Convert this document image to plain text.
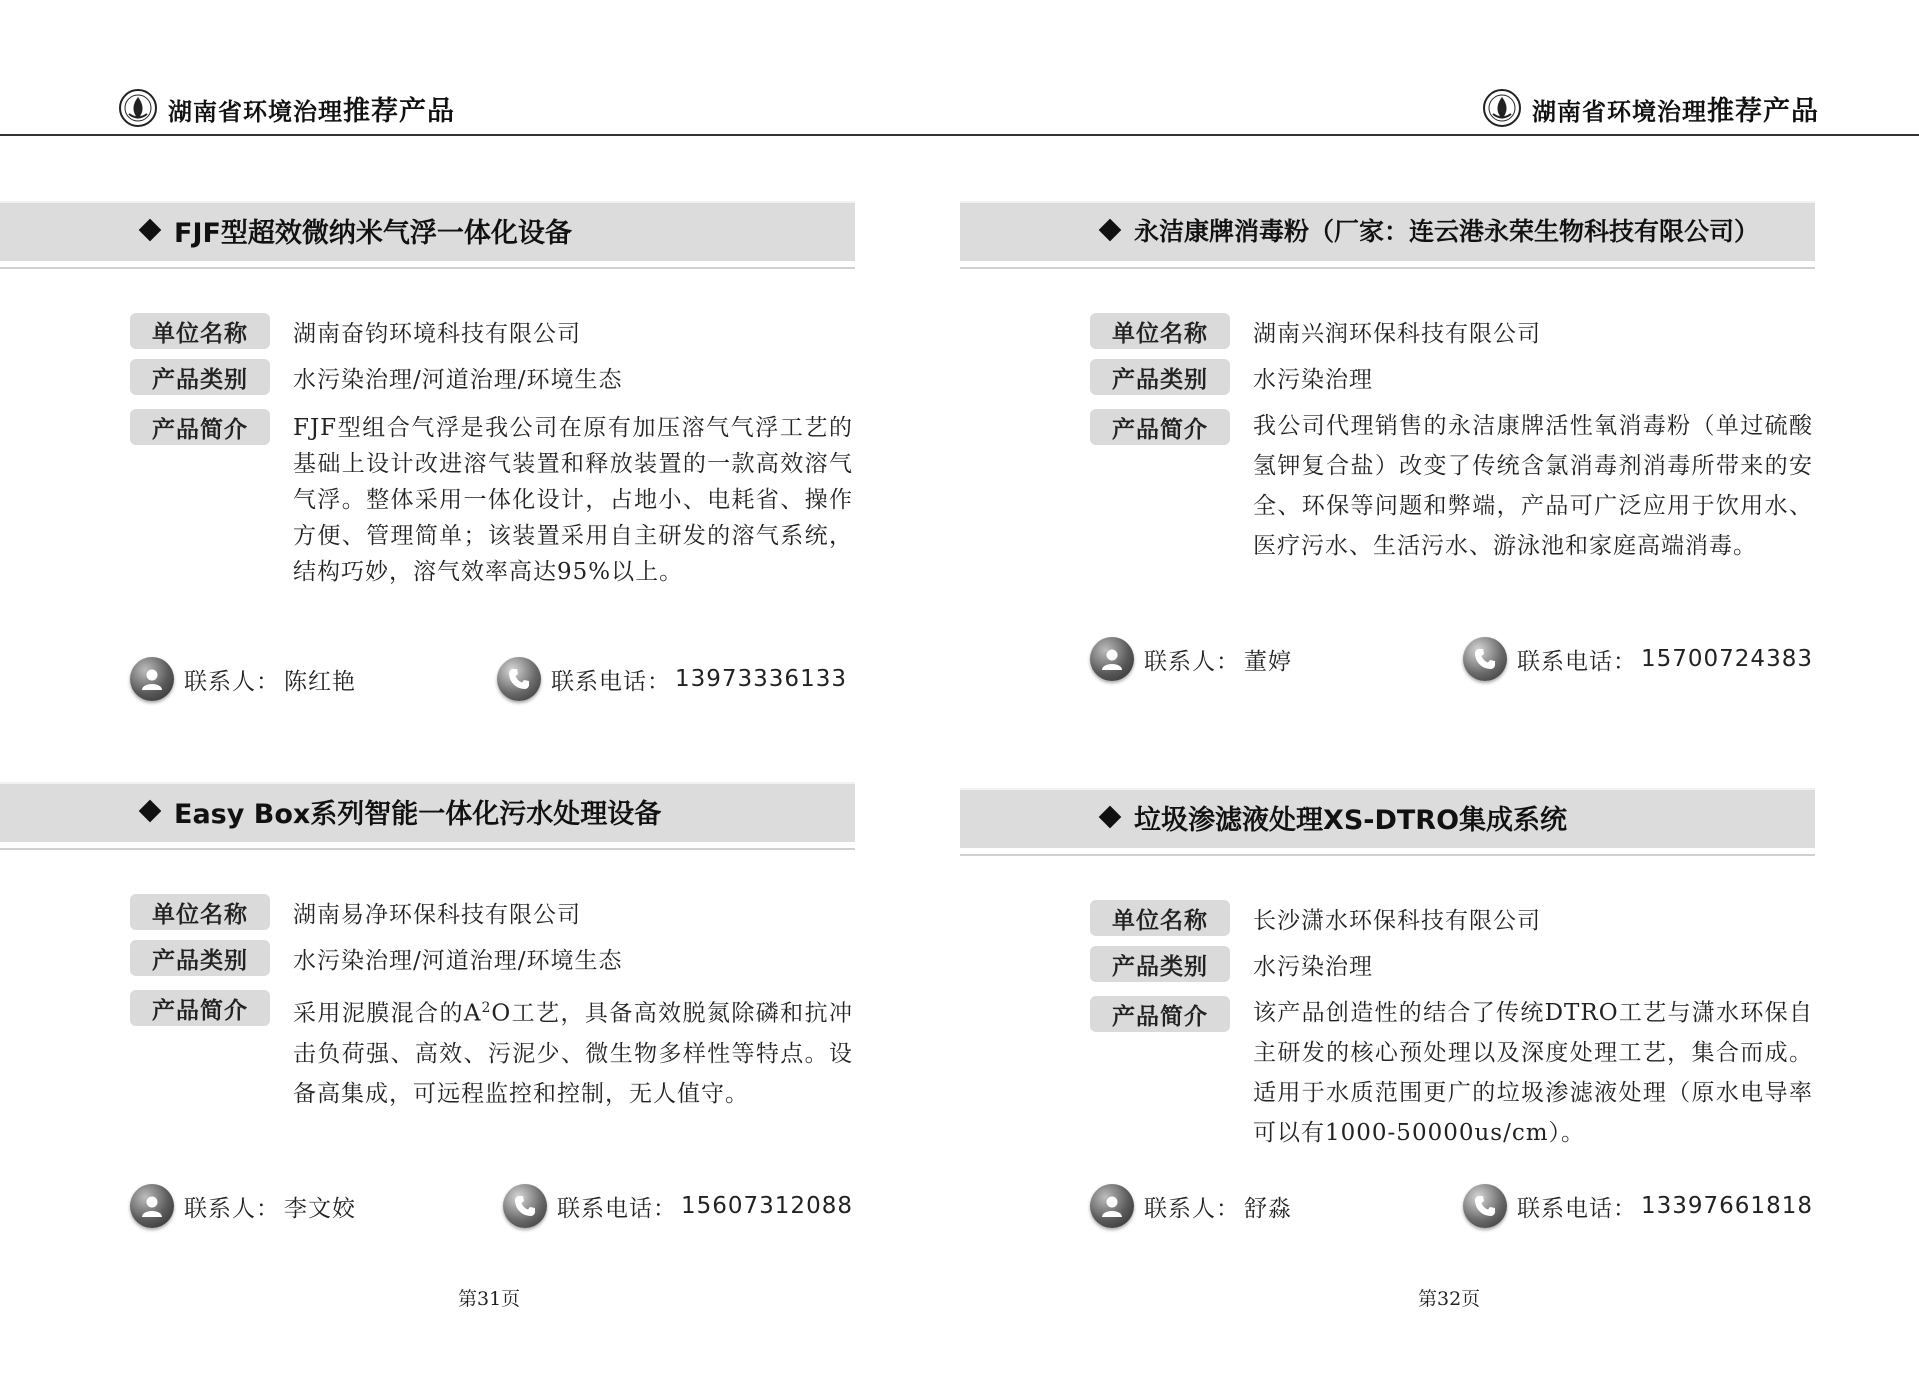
湖南省环境治理推荐产品	湖南省环境治理推荐产品
FJF型超效微纳米气浮一体化设备
单位名称	湖南奋钧环境科技有限公司
产品类别	水污染治理/河道治理/环境生态
产品简介	FJF型组合气浮是我公司在原有加压溶气气浮工艺的基础上设计改进溶气装置和释放装置的一款高效溶气气浮。整体采用一体化设计，占地小、电耗省、操作方便、管理简单；该装置采用自主研发的溶气系统，结构巧妙，溶气效率高达95%以上。
联系人： 陈红艳	联系电话： 13973336133
Easy Box系列智能一体化污水处理设备
单位名称	湖南易净环保科技有限公司
产品类别	水污染治理/河道治理/环境生态
产品简介	采用泥膜混合的$A^2O$工艺，具备高效脱氮除磷和抗冲击负荷强、高效、污泥少、微生物多样性等特点。设备高集成，可远程监控和控制，无人值守。
联系人： 李文姣	联系电话： 15607312088
永洁康牌消毒粉（厂家：连云港永荣生物科技有限公司）
单位名称	湖南兴润环保科技有限公司
产品类别	水污染治理
产品简介	我公司代理销售的永洁康牌活性氧消毒粉（单过硫酸氢钾复合盐）改变了传统含氯消毒剂消毒所带来的安全、环保等问题和弊端，产品可广泛应用于饮用水、医疗污水、生活污水、游泳池和家庭高端消毒。
联系人： 董婷	联系电话： 15700724383
垃圾渗滤液处理XS-DTRO集成系统
单位名称	长沙潇水环保科技有限公司
产品类别	水污染治理
产品简介	该产品创造性的结合了传统DTRO工艺与潇水环保自主研发的核心预处理以及深度处理工艺，集合而成。适用于水质范围更广的垃圾渗滤液处理（原水电导率可以有1000-50000us/cm）。
联系人： 舒淼	联系电话： 13397661818
第31页	第32页
